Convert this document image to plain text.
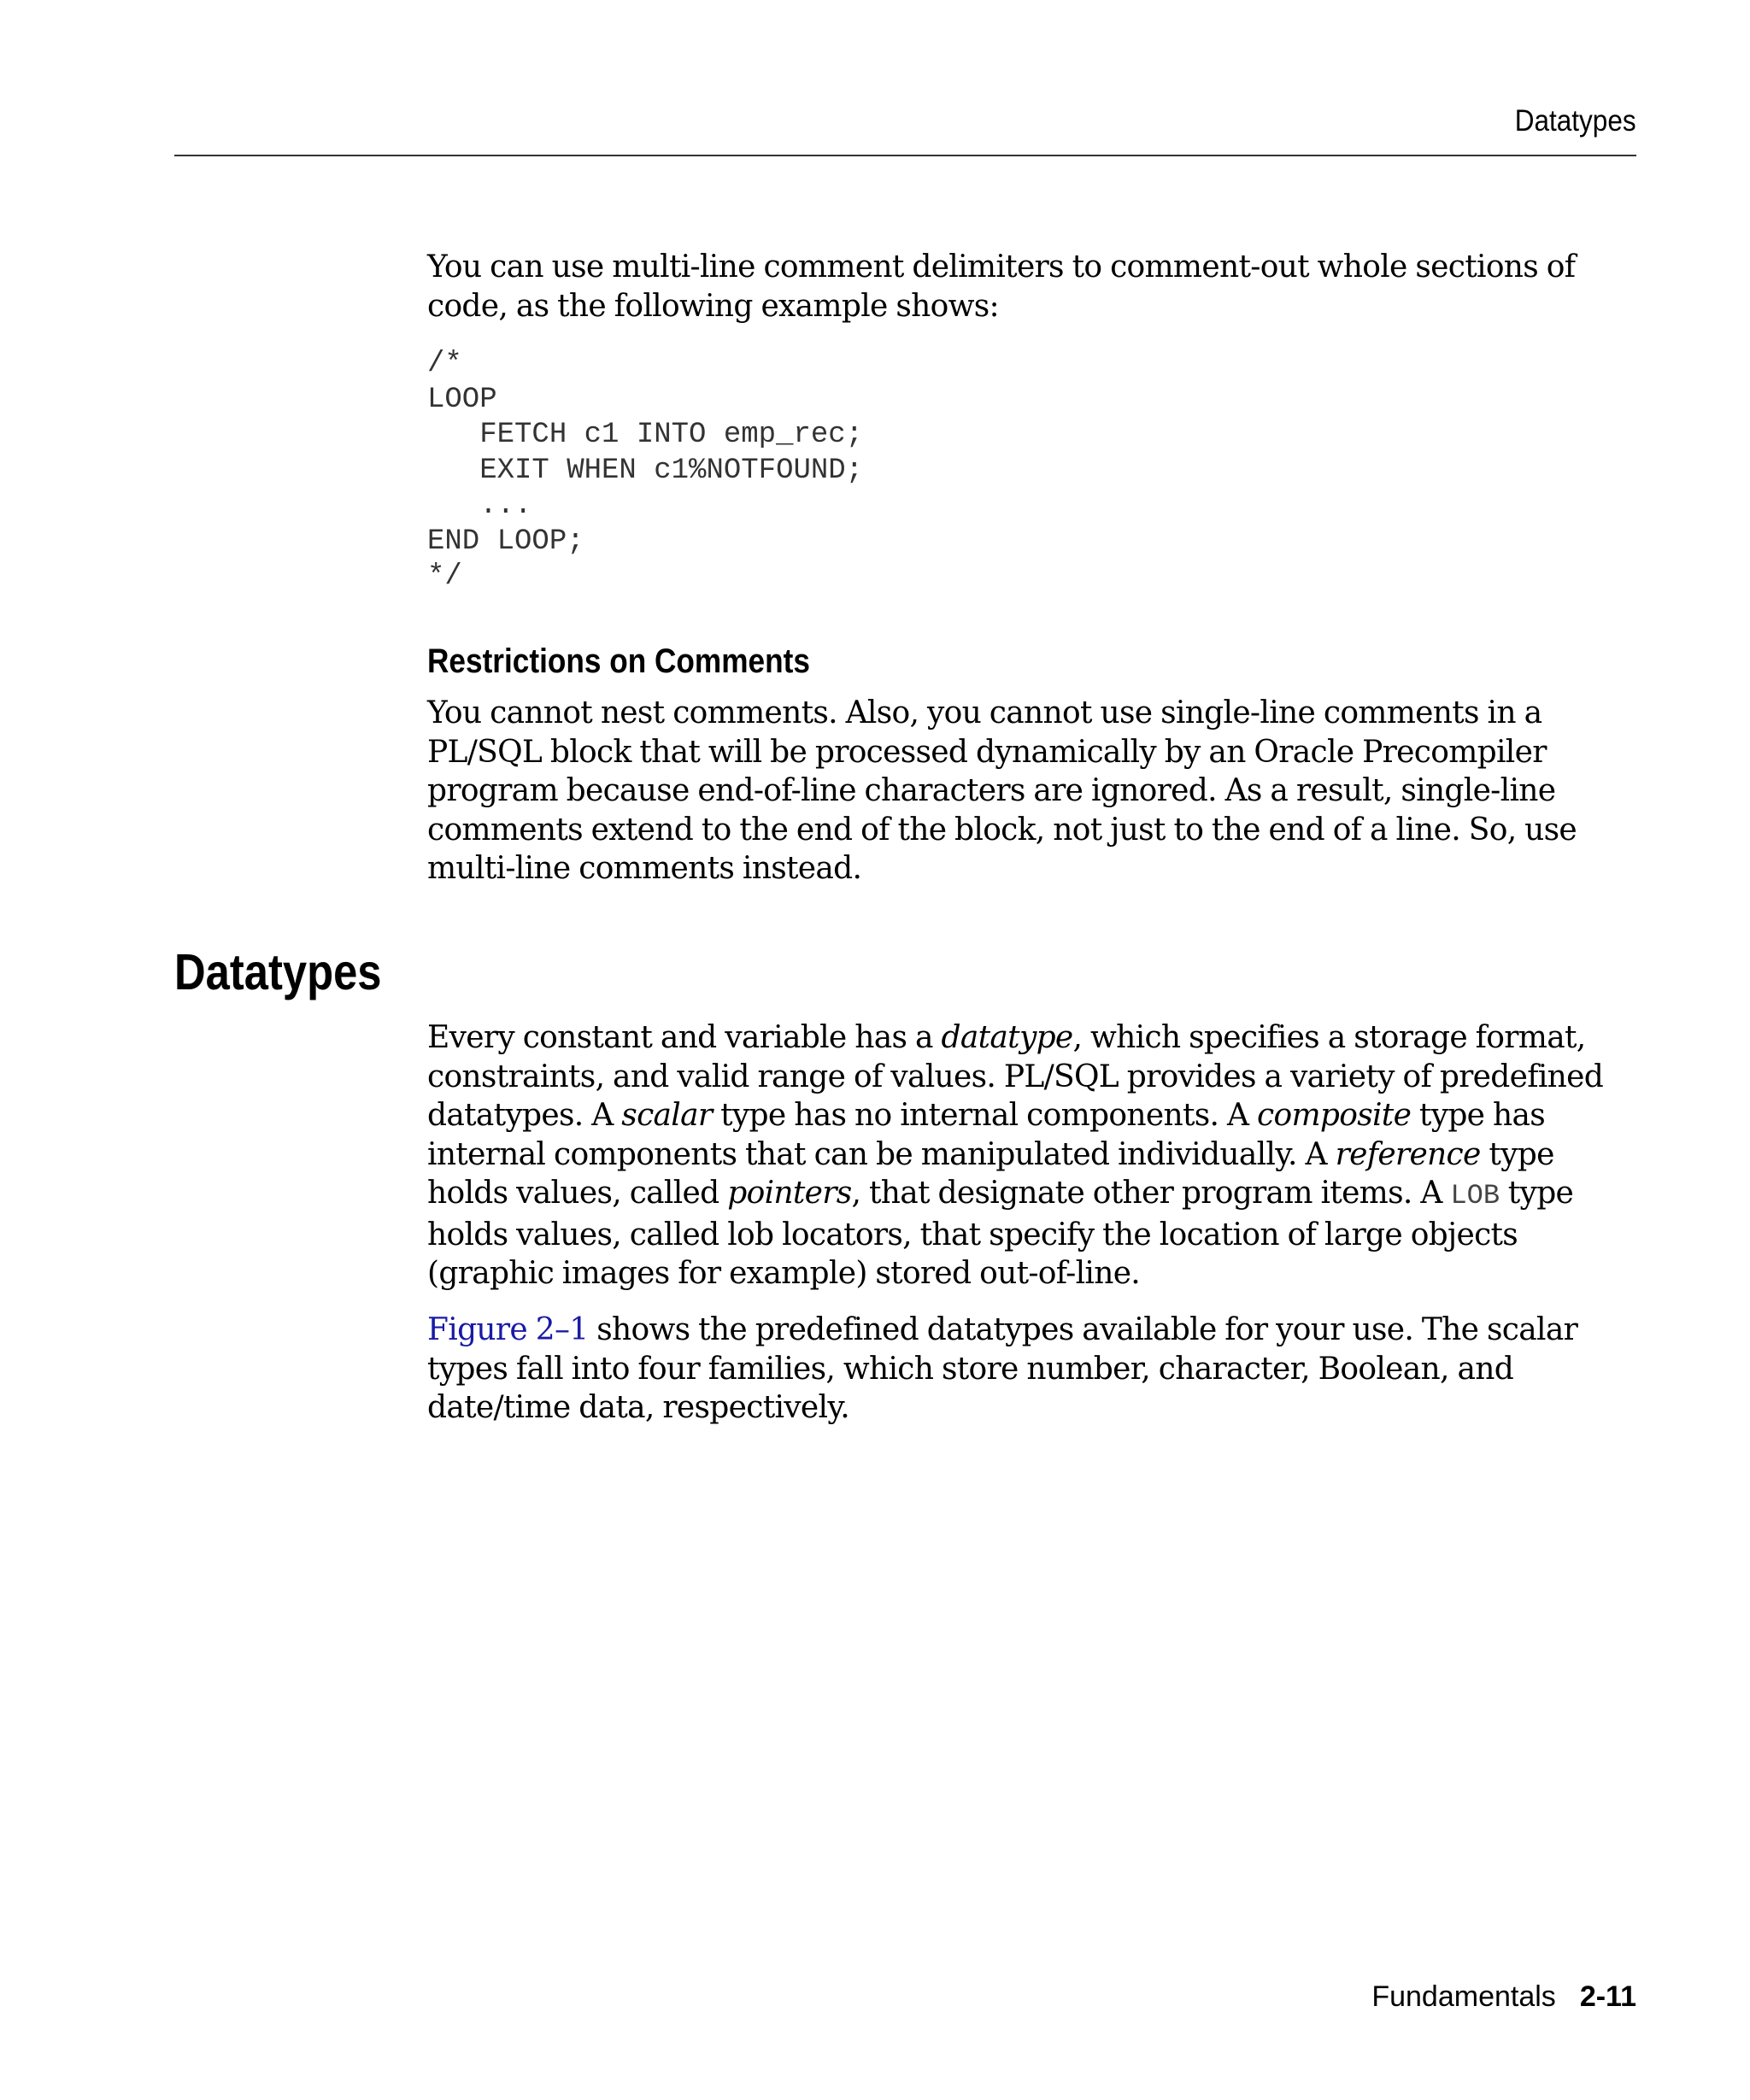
Datatypes

You can use multi-line comment delimiters to comment-out whole sections of code, as the following example shows:

/*
LOOP
FETCH c1 INTO emp_rec;
EXIT WHEN c1%NOTFOUND;
...
END LOOP;
*/
Restrictions on Comments

You cannot nest comments. Also, you cannot use single-line comments in a PL/SQL block that will be processed dynamically by an Oracle Precompiler program because end-of-line characters are ignored. As a result, single-line comments extend to the end of the block, not just to the end of a line. So, use multi-line comments instead.

Datatypes

Every constant and variable has a datatype, which specifies a storage format, constraints, and valid range of values. PL/SQL provides a variety of predefined datatypes. A scalar type has no internal components. A composite type has internal components that can be manipulated individually. A reference type holds values, called pointers, that designate other program items. A LOB type holds values, called lob locators, that specify the location of large objects (graphic images for example) stored out-of-line.

Figure 2–1 shows the predefined datatypes available for your use. The scalar types fall into four families, which store number, character, Boolean, and date/time data, respectively.

Fundamentals 2-11
